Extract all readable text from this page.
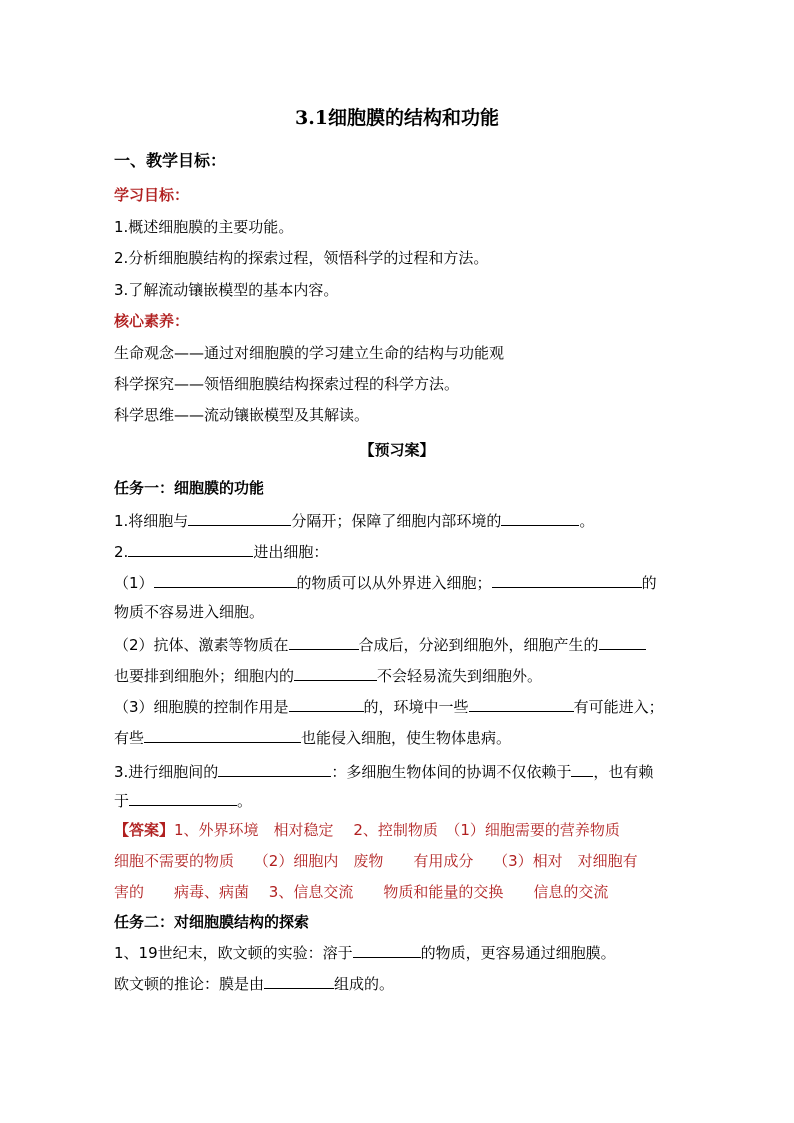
3.1细胞膜的结构和功能
一、教学目标：
学习目标：
1.概述细胞膜的主要功能。
2.分析细胞膜结构的探索过程，领悟科学的过程和方法。
3.了解流动镶嵌模型的基本内容。
核心素养：
生命观念——通过对细胞膜的学习建立生命的结构与功能观
科学探究——领悟细胞膜结构探索过程的科学方法。
科学思维——流动镶嵌模型及其解读。
【预习案】
任务一：细胞膜的功能
1.将细胞与	分隔开；保障了细胞内部环境的	。
2.	进出细胞：
（1）	的物质可以从外界进入细胞；	的
物质不容易进入细胞。
（2）抗体、激素等物质在	合成后，分泌到细胞外，细胞产生的
也要排到细胞外；细胞内的	不会轻易流失到细胞外。
（3）细胞膜的控制作用是	的，环境中一些	有可能进入；
有些	也能侵入细胞，使生物体患病。
3.进行细胞间的	：多细胞生物体间的协调不仅依赖于 ，也有赖
于	。
【答案】1、外界环境　相对稳定　 2、控制物质　（1）细胞需要的营养物质
细胞不需要的物质　 （2）细胞内　废物　　有用成分　 （3）相对　对细胞有
害的　　病毒、病菌　 3、信息交流　　物质和能量的交换　　信息的交流
任务二：对细胞膜结构的探索
1、19世纪末，欧文顿的实验：溶于	的物质，更容易通过细胞膜。
欧文顿的推论：膜是由	组成的。
